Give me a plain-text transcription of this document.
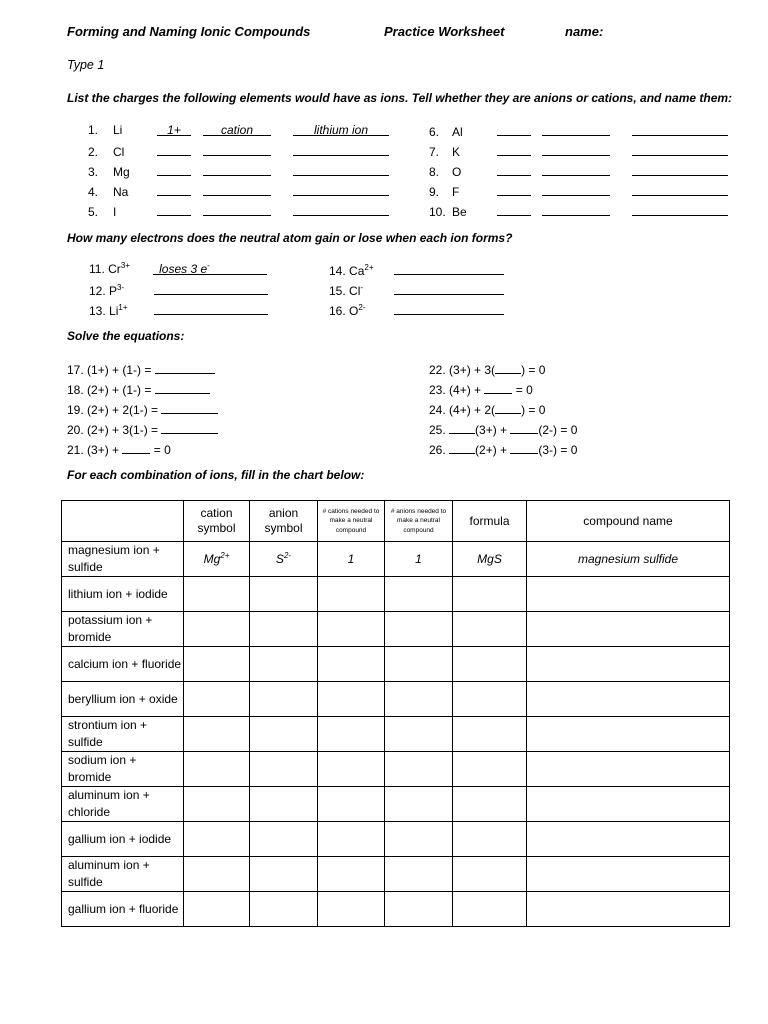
Forming and Naming Ionic Compounds	Practice Worksheet	name:
Type 1
List the charges the following elements would have as ions. Tell whether they are anions or cations, and name them:
1. Li	1+	cation	lithium ion	6. Al
2. Cl	7. K
3. Mg	8. O
4. Na	9. F
5. I	10. Be
How many electrons does the neutral atom gain or lose when each ion forms?
11. $Cr^{3+}$ loses 3 e-	14. $Ca^{2+}$
12. $P^{3-}$	15. Cl-
13. $Li^{1+}$	16. $O^{2-}$
Solve the equations:
17. (1+) + (1-) =	22. (3+) + 3( ) = 0
18. (2+) + (1-) =	23. (4+) +  = 0
19. (2+) + 2(1-) =	24. (4+) + 2( ) = 0
20. (2+) + 3(1-) =	25. (3+) + (2-) = 0
21. (3+) +  = 0	26. (2+) + (3-) = 0
For each combination of ions, fill in the chart below:
	cation symbol	anion symbol	# cations needed to make a neutral compound	# anions needed to make a neutral compound	formula	compound name
magnesium ion + sulfide	$Mg^{2+}$	$S^{2-}$	1	1	MgS	magnesium sulfide
lithium ion + iodide						
potassium ion + bromide						
calcium ion + fluoride						
beryllium ion + oxide						
strontium ion + sulfide						
sodium ion + bromide						
aluminum ion + chloride						
gallium ion + iodide						
aluminum ion + sulfide						
gallium ion + fluoride						
